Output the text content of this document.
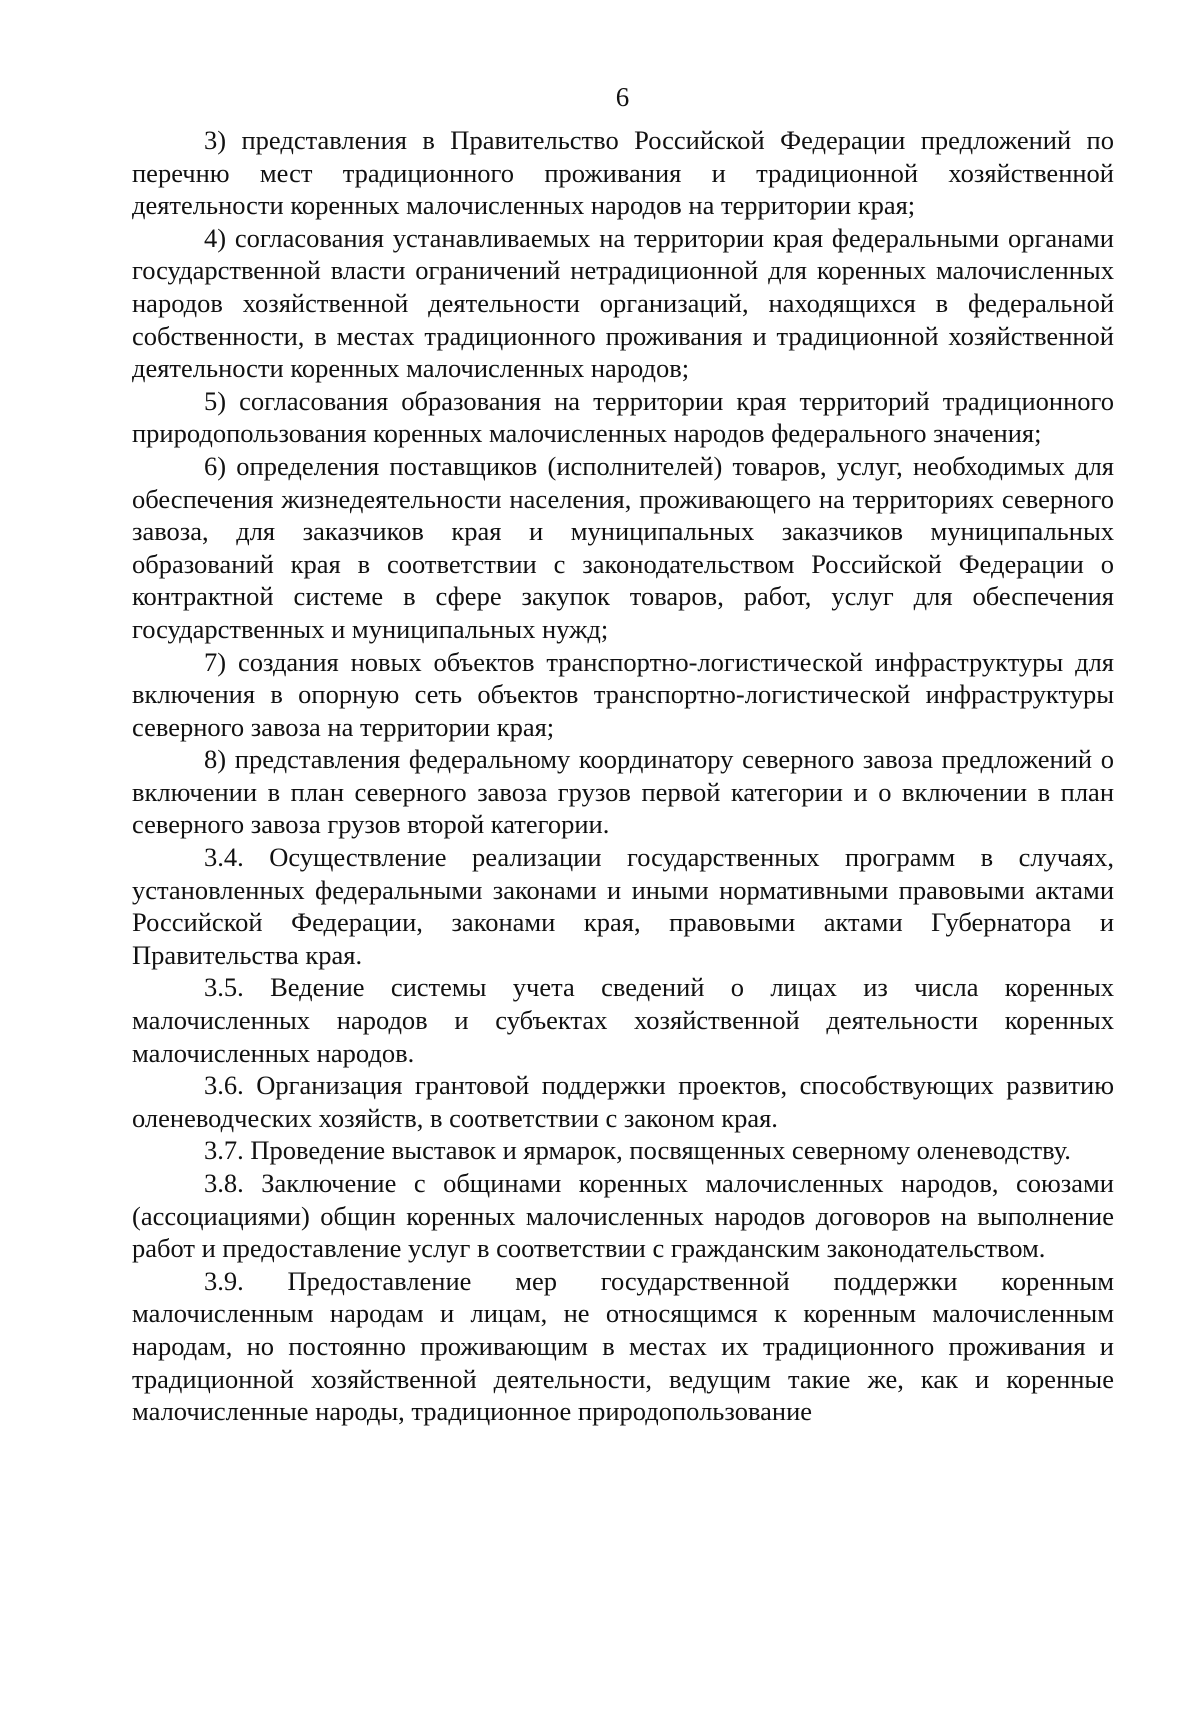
6

3) представления в Правительство Российской Федерации предложений по перечню мест традиционного проживания и традиционной хозяйственной деятельности коренных малочисленных народов на территории края;

4) согласования устанавливаемых на территории края федеральными органами государственной власти ограничений нетрадиционной для коренных малочисленных народов хозяйственной деятельности организаций, находящихся в федеральной собственности, в местах традиционного проживания и традиционной хозяйственной деятельности коренных малочисленных народов;

5) согласования образования на территории края территорий традиционного природопользования коренных малочисленных народов федерального значения;

6) определения поставщиков (исполнителей) товаров, услуг, необходимых для обеспечения жизнедеятельности населения, проживающего на территориях северного завоза, для заказчиков края и муниципальных заказчиков муниципальных образований края в соответствии с законодательством Российской Федерации о контрактной системе в сфере закупок товаров, работ, услуг для обеспечения государственных и муниципальных нужд;

7) создания новых объектов транспортно-логистической инфраструктуры для включения в опорную сеть объектов транспортно-логистической инфраструктуры северного завоза на территории края;

8) представления федеральному координатору северного завоза предложений о включении в план северного завоза грузов первой категории и о включении в план северного завоза грузов второй категории.

3.4. Осуществление реализации государственных программ в случаях, установленных федеральными законами и иными нормативными правовыми актами Российской Федерации, законами края, правовыми актами Губернатора и Правительства края.

3.5. Ведение системы учета сведений о лицах из числа коренных малочисленных народов и субъектах хозяйственной деятельности коренных малочисленных народов.

3.6. Организация грантовой поддержки проектов, способствующих развитию оленеводческих хозяйств, в соответствии с законом края.

3.7. Проведение выставок и ярмарок, посвященных северному оленеводству.

3.8. Заключение с общинами коренных малочисленных народов, союзами (ассоциациями) общин коренных малочисленных народов договоров на выполнение работ и предоставление услуг в соответствии с гражданским законодательством.

3.9. Предоставление мер государственной поддержки коренным малочисленным народам и лицам, не относящимся к коренным малочисленным народам, но постоянно проживающим в местах их традиционного проживания и традиционной хозяйственной деятельности, ведущим такие же, как и коренные малочисленные народы, традиционное природопользование
